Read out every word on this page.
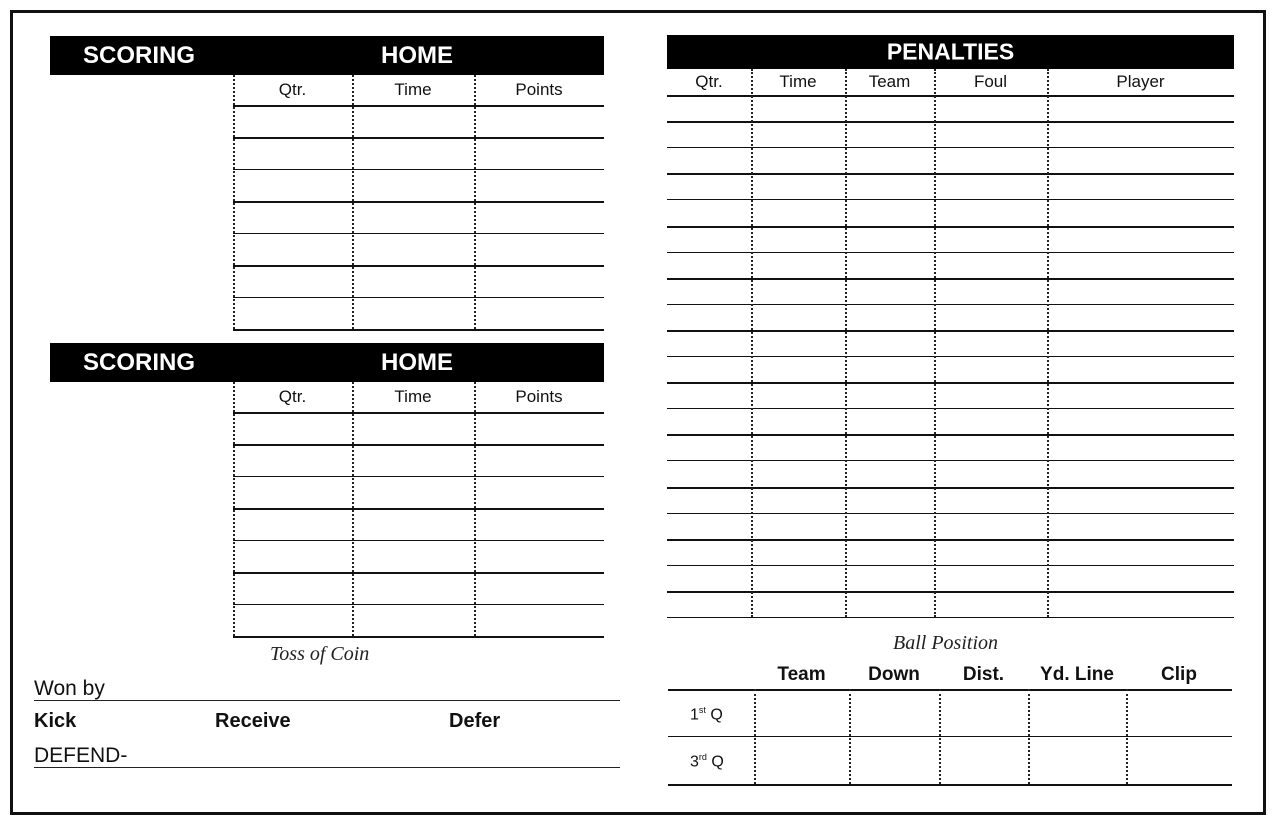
SCORING	HOME
Qtr.	Time	Points
SCORING	HOME
Qtr.	Time	Points
Toss of Coin
Won by
Kick	Receive	Defer
DEFEND-
PENALTIES
Qtr.	Time	Team	Foul	Player
Ball Position
Team	Down	Dist.	Yd. Line	Clip
1st Q
3rd Q
